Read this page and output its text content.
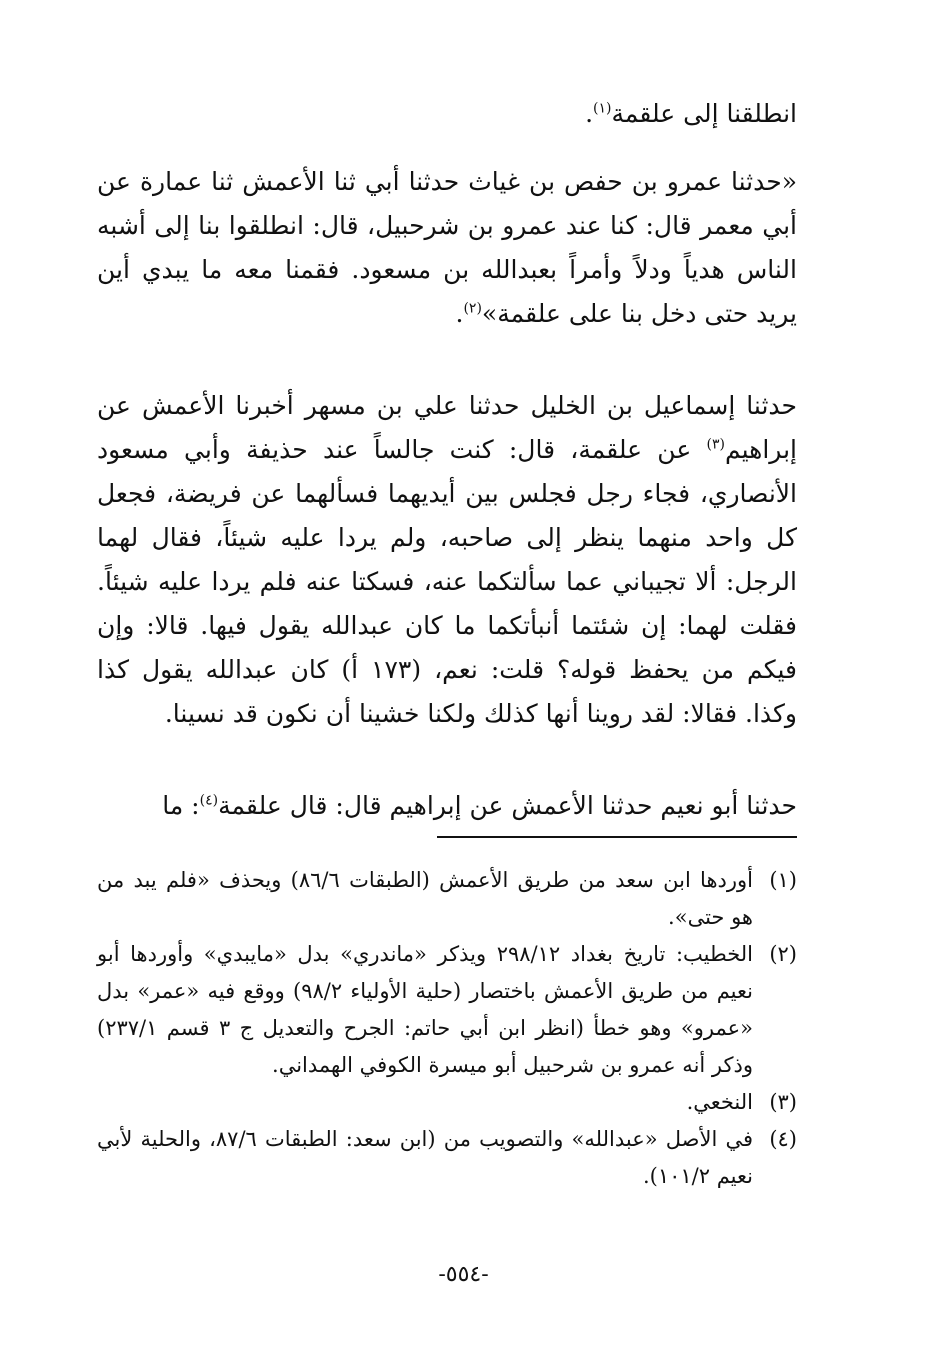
انطلقنا إلى علقمة$^{(١)}$.

«حدثنا عمرو بن حفص بن غياث حدثنا أبي ثنا الأعمش ثنا عمارة عن أبي معمر قال: كنا عند عمرو بن شرحبيل، قال: انطلقوا بنا إلى أشبه الناس هدياً ودلاً وأمراً بعبدالله بن مسعود. فقمنا معه ما يبدي أين يريد حتى دخل بنا على علقمة»$^{(٢)}$.

حدثنا إسماعيل بن الخليل حدثنا علي بن مسهر أخبرنا الأعمش عن إبراهيم$^{(٣)}$ عن علقمة، قال: كنت جالساً عند حذيفة وأبي مسعود الأنصاري، فجاء رجل فجلس بين أيديهما فسألهما عن فريضة، فجعل كل واحد منهما ينظر إلى صاحبه، ولم يردا عليه شيئاً، فقال لهما الرجل: ألا تجيباني عما سألتكما عنه، فسكتا عنه فلم يردا عليه شيئاً. فقلت لهما: إن شئتما أنبأتكما ما كان عبدالله يقول فيها. قالا: وإن فيكم من يحفظ قوله؟ قلت: نعم، (١٧٣ أ) كان عبدالله يقول كذا وكذا. فقالا: لقد روينا أنها كذلك ولكنا خشينا أن نكون قد نسينا.

حدثنا أبو نعيم حدثنا الأعمش عن إبراهيم قال: قال علقمة$^{(٤)}$: ما

(١)
أوردها ابن سعد من طريق الأعمش (الطبقات ٨٦/٦) ويحذف «فلم يبد من هو حتى».
(٢)
الخطيب: تاريخ بغداد ٢٩٨/١٢ ويذكر «ماندري» بدل «مايبدي» وأوردها أبو نعيم من طريق الأعمش باختصار (حلية الأولياء ٩٨/٢) ووقع فيه «عمر» بدل «عمرو» وهو خطأ (انظر ابن أبي حاتم: الجرح والتعديل ج ٣ قسم ٢٣٧/١) وذكر أنه عمرو بن شرحبيل أبو ميسرة الكوفي الهمداني.
(٣)
النخعي.
(٤)
في الأصل «عبدالله» والتصويب من (ابن سعد: الطبقات ٨٧/٦، والحلية لأبي نعيم ١٠١/٢).
-٥٥٤-
